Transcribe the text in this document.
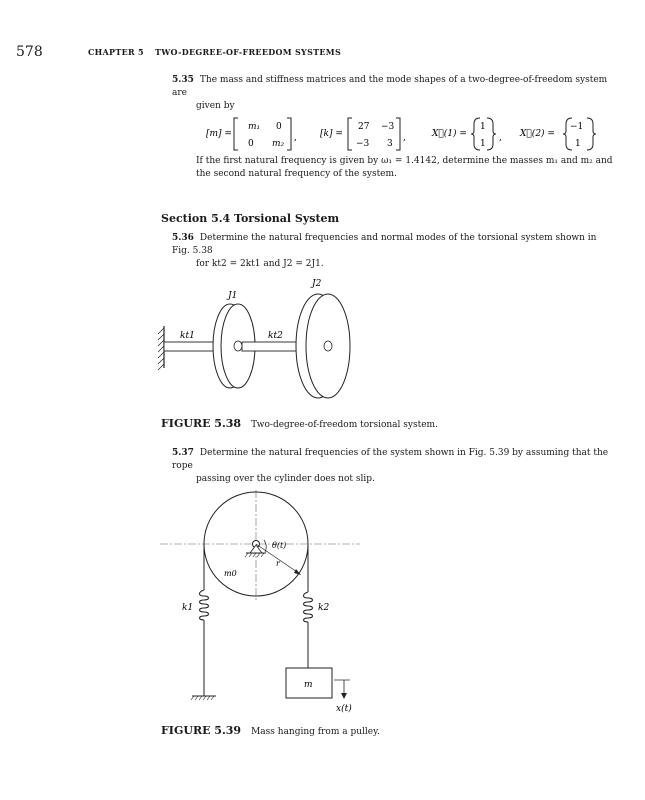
578	CHAPTER 5 TWO-DEGREE-OF-FREEDOM SYSTEMS
5.35 The mass and stiffness matrices and the mode shapes of a two-degree-of-freedom system are
given by
[m] =
m₁ 0
0 m₂
,	[k] =
27 −3
−3 3
,	X⃗(1) =
1
1
, X⃗(2) =
−1
1
If the first natural frequency is given by ω₁ = 1.4142, determine the masses m₁ and m₂ and
the second natural frequency of the system.
Section 5.4 Torsional System
5.36 Determine the natural frequencies and normal modes of the torsional system shown in Fig. 5.38
for kt2 = 2kt1 and J2 = 2J1.
kt1	kt2
J1
J2
FIGURE 5.38 Two-degree-of-freedom torsional system.
5.37 Determine the natural frequencies of the system shown in Fig. 5.39 by assuming that the rope
passing over the cylinder does not slip.
θ(t)
r
m0
k1	k2
m
x(t)
FIGURE 5.39 Mass hanging from a pulley.
